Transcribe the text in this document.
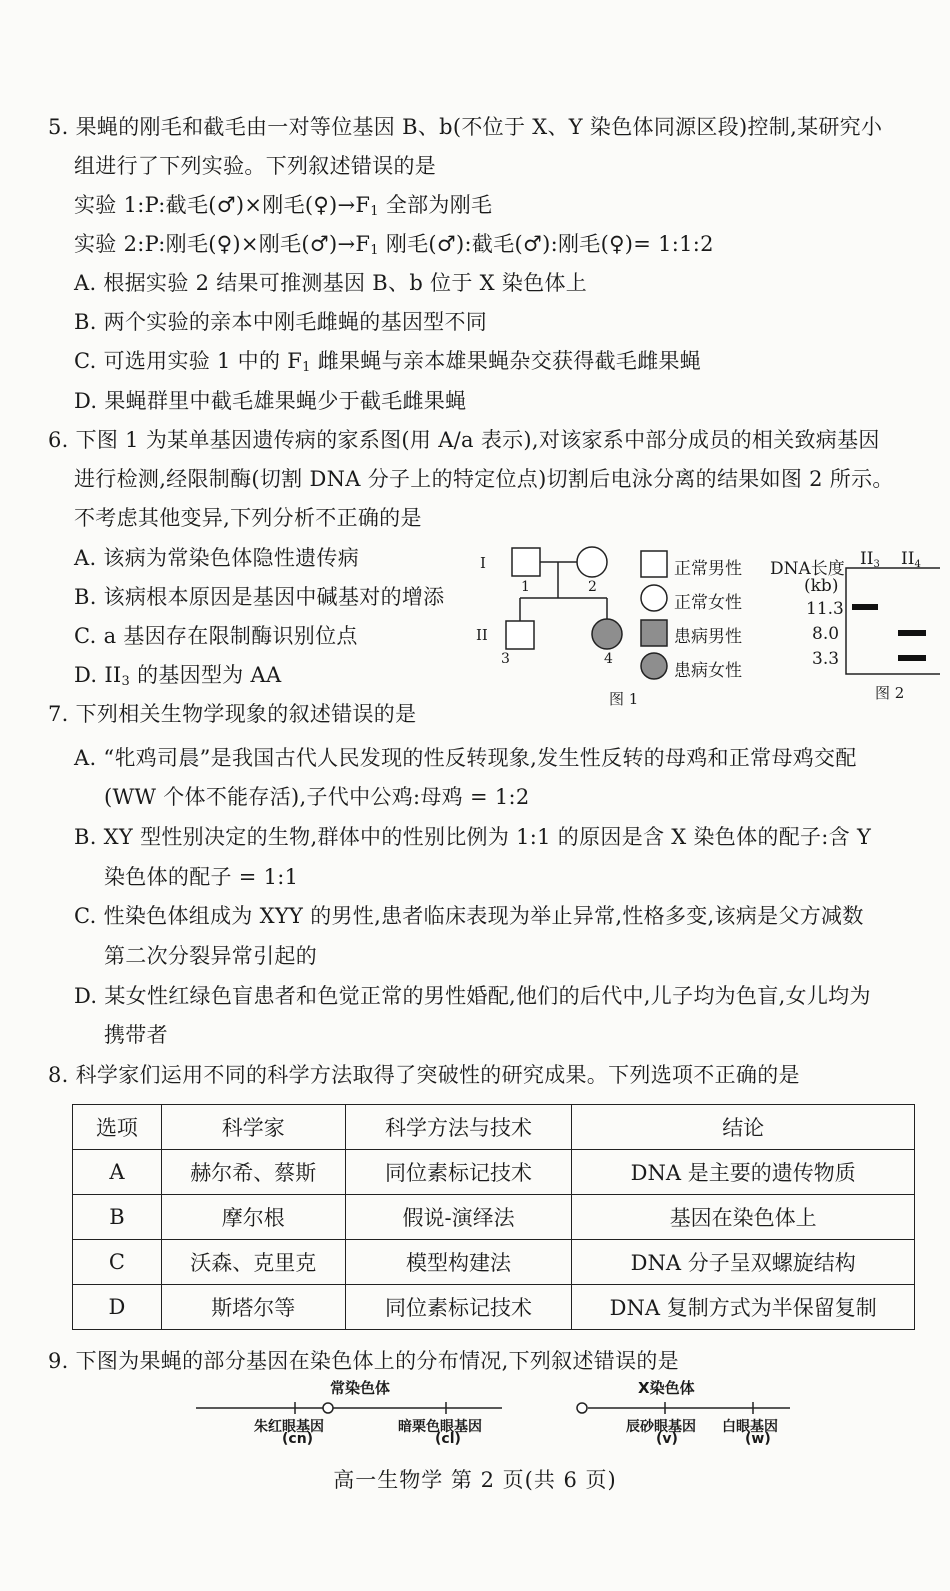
5. 果蝇的刚毛和截毛由一对等位基因 B、b(不位于 X、Y 染色体同源区段)控制,某研究小
组进行了下列实验。下列叙述错误的是
实验 1:P:截毛(♂)×刚毛$(♀)\to F_1$ 全部为刚毛
实验 2:P:刚毛(♀)×刚毛$(♂)\to F_1$ 刚毛(♂):截毛(♂):刚毛(♀)= 1:1:2
A. 根据实验 2 结果可推测基因 B、b 位于 X 染色体上
B. 两个实验的亲本中刚毛雌蝇的基因型不同
C. 可选用实验 1 中的 $F_1$ 雌果蝇与亲本雄果蝇杂交获得截毛雌果蝇
D. 果蝇群里中截毛雄果蝇少于截毛雌果蝇
6. 下图 1 为某单基因遗传病的家系图(用 A/a 表示),对该家系中部分成员的相关致病基因
进行检测,经限制酶(切割 DNA 分子上的特定位点)切割后电泳分离的结果如图 2 所示。
不考虑其他变异,下列分析不正确的是
A. 该病为常染色体隐性遗传病
B. 该病根本原因是基因中碱基对的增添
C. a 基因存在限制酶识别位点
D. $II_3$ 的基因型为 AA
I
II
1	2
3	4
图 1
正常男性
正常女性
患病男性
患病女性
DNA长度
(kb)
$II_3$ $II_4$
11.3
8.0
3.3
图 2
7. 下列相关生物学现象的叙述错误的是
A. “牝鸡司晨”是我国古代人民发现的性反转现象,发生性反转的母鸡和正常母鸡交配
(WW 个体不能存活),子代中公鸡:母鸡 = 1:2
B. XY 型性别决定的生物,群体中的性别比例为 1:1 的原因是含 X 染色体的配子:含 Y
染色体的配子 = 1:1
C. 性染色体组成为 XYY 的男性,患者临床表现为举止异常,性格多变,该病是父方减数
第二次分裂异常引起的
D. 某女性红绿色盲患者和色觉正常的男性婚配,他们的后代中,儿子均为色盲,女儿均为
携带者
8. 科学家们运用不同的科学方法取得了突破性的研究成果。下列选项不正确的是
选项	科学家	科学方法与技术	结论
A	赫尔希、蔡斯	同位素标记技术	DNA 是主要的遗传物质
B	摩尔根	假说-演绎法	基因在染色体上
C	沃森、克里克	模型构建法	DNA 分子呈双螺旋结构
D	斯塔尔等	同位素标记技术	DNA 复制方式为半保留复制
9. 下图为果蝇的部分基因在染色体上的分布情况,下列叙述错误的是
常染色体	X染色体
朱红眼基因
(cn)
暗栗色眼基因
(cl)
辰砂眼基因
(v)
白眼基因
(w)
高一生物学 第 2 页(共 6 页)
